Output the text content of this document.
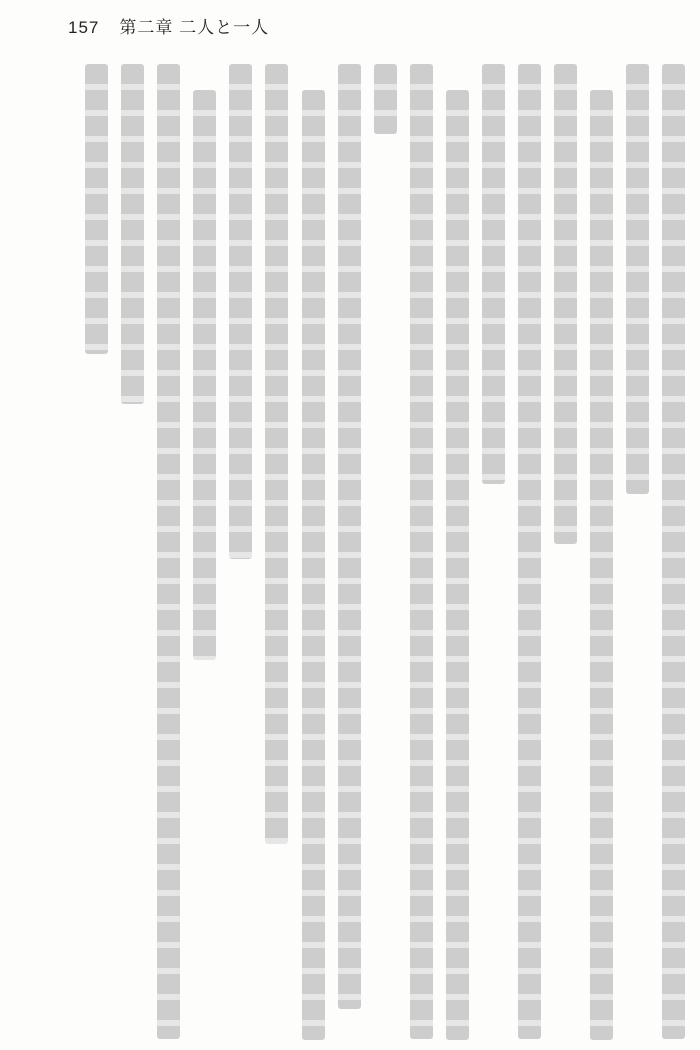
157 第二章 二人と一人
